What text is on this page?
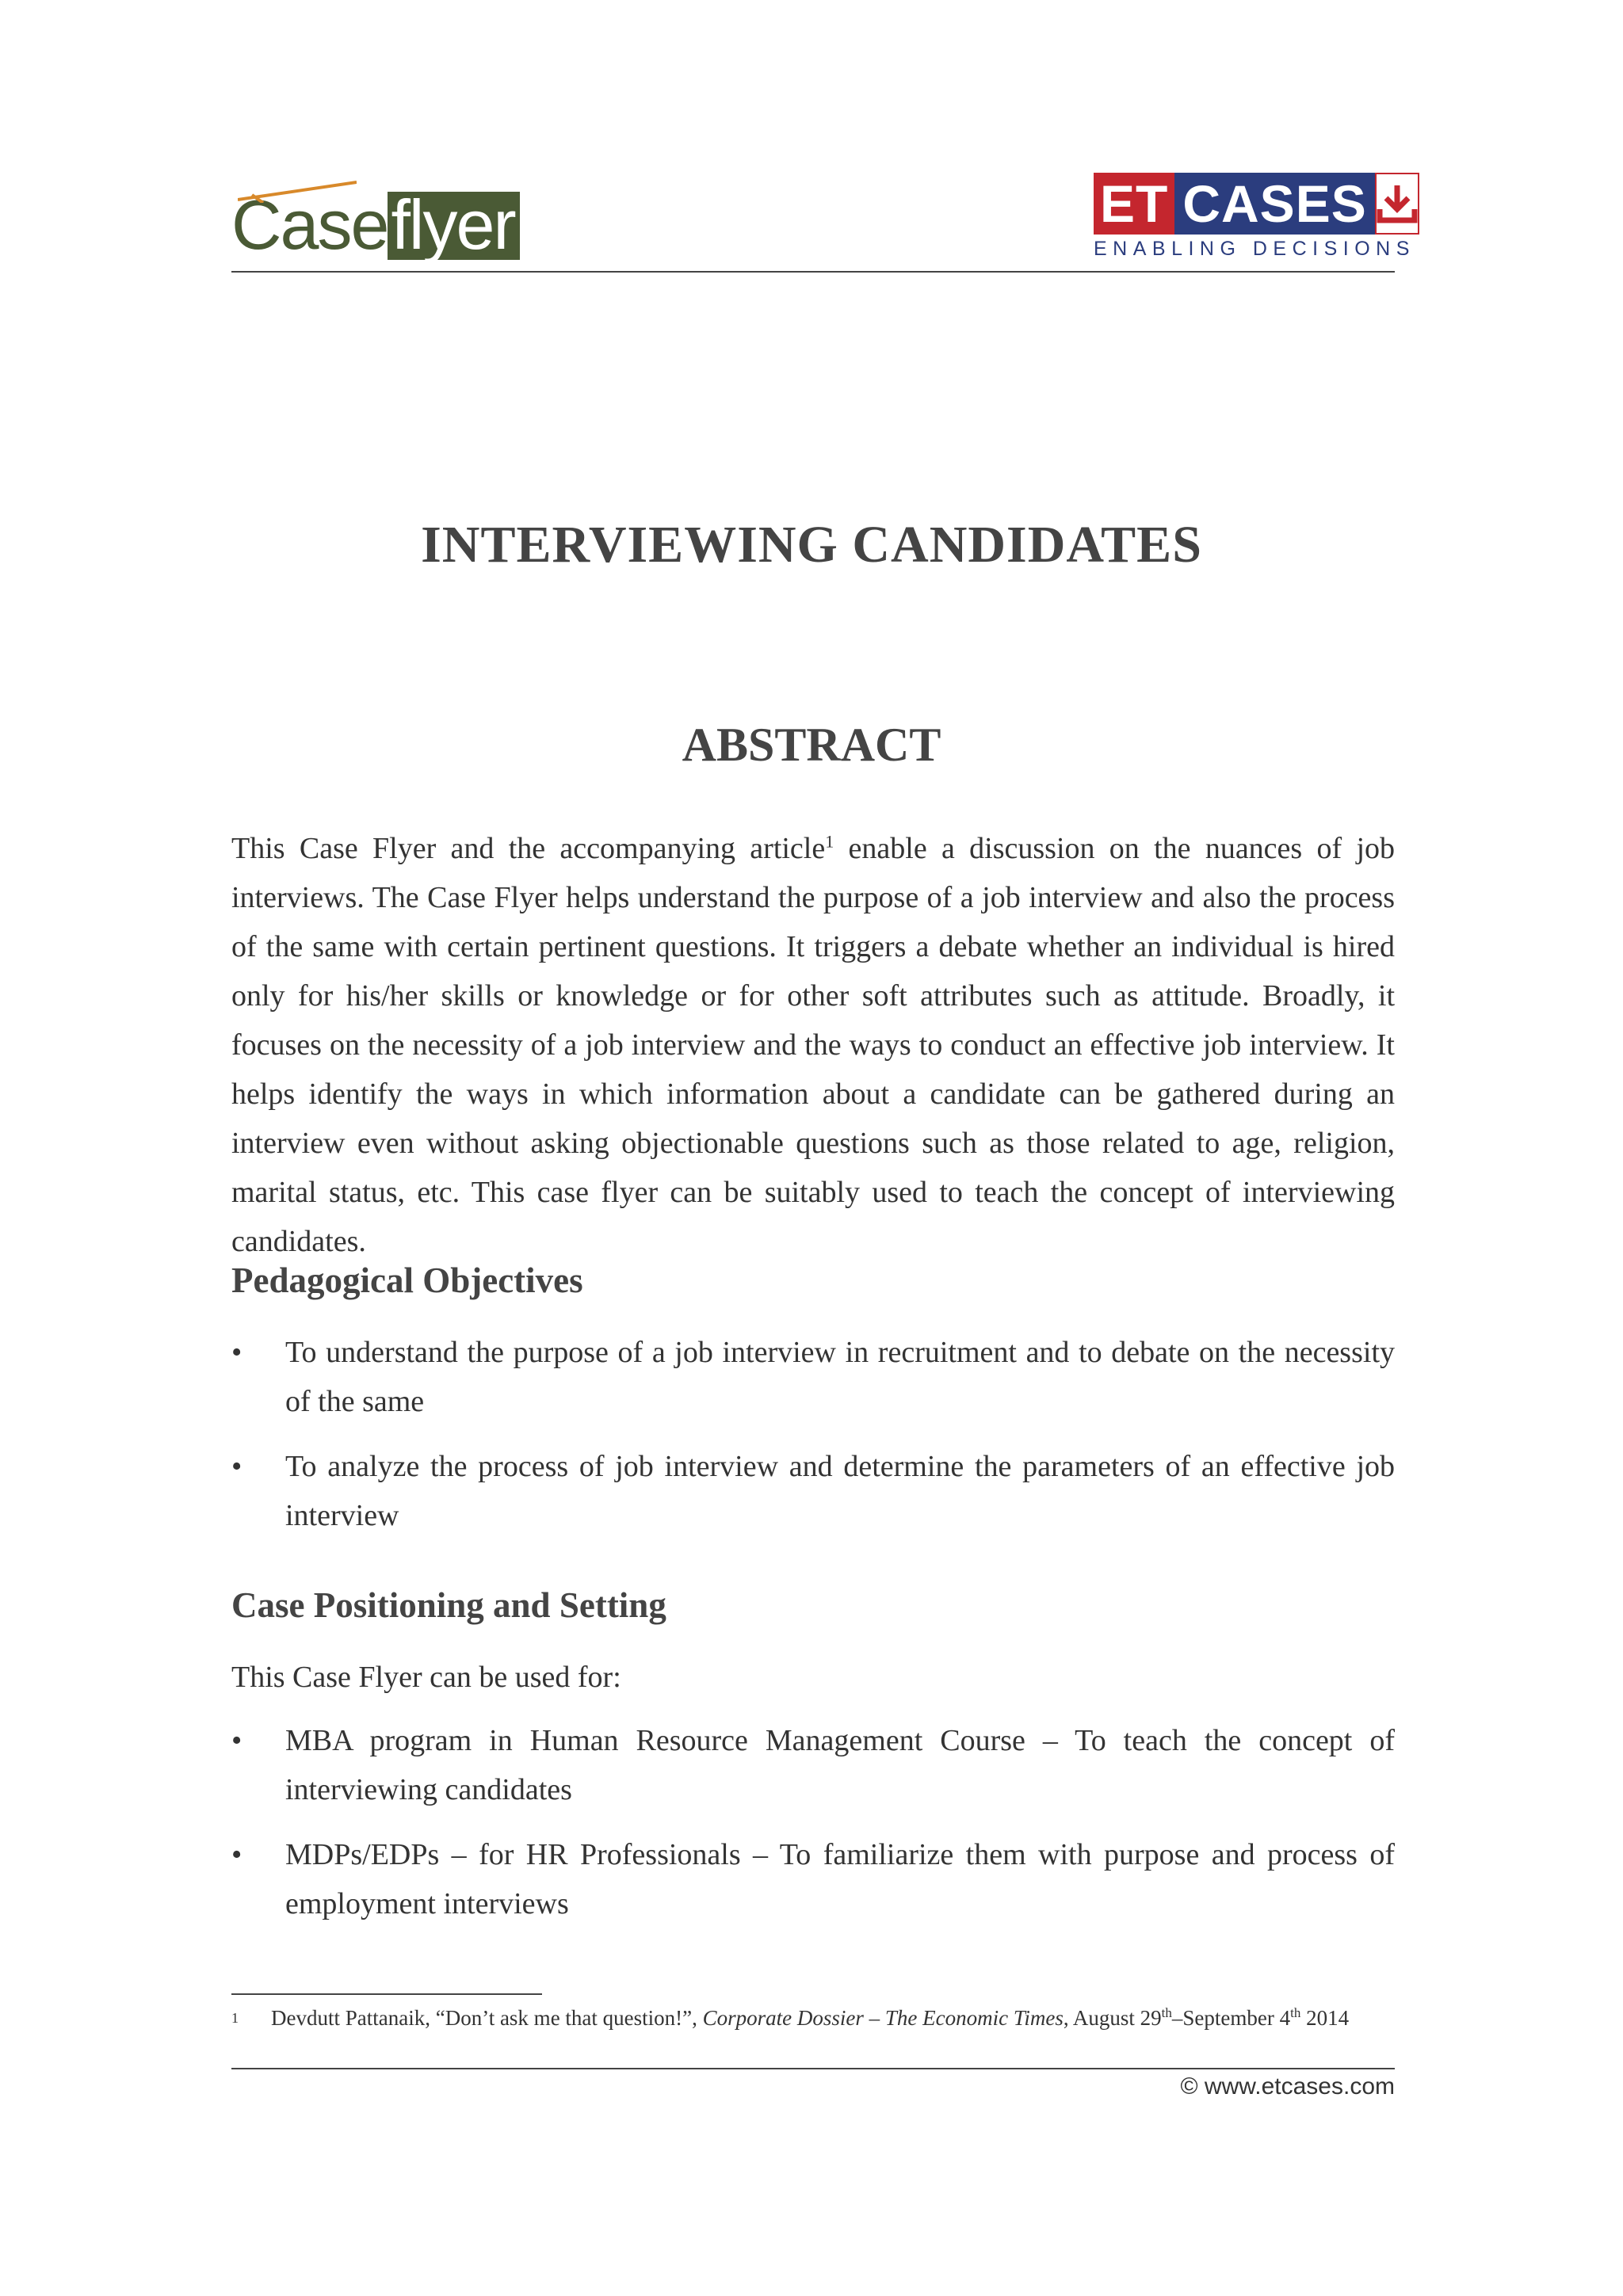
Case flyer	ET CASES
ENABLING DECISIONS
INTERVIEWING CANDIDATES
ABSTRACT
This Case Flyer and the accompanying article$^1$ enable a discussion on the nuances of job interviews. The Case Flyer helps understand the purpose of a job interview and also the process of the same with certain pertinent questions. It triggers a debate whether an individual is hired only for his/her skills or knowledge or for other soft attributes such as attitude. Broadly, it focuses on the necessity of a job interview and the ways to conduct an effective job interview. It helps identify the ways in which information about a candidate can be gathered during an interview even without asking objectionable questions such as those related to age, religion, marital status, etc. This case flyer can be suitably used to teach the concept of interviewing candidates.
Pedagogical Objectives
• To understand the purpose of a job interview in recruitment and to debate on the necessity of the same
• To analyze the process of job interview and determine the parameters of an effective job interview
Case Positioning and Setting
This Case Flyer can be used for:
• MBA program in Human Resource Management Course – To teach the concept of interviewing candidates
• MDPs/EDPs – for HR Professionals – To familiarize them with purpose and process of employment interviews
1	Devdutt Pattanaik, “Don’t ask me that question!”, Corporate Dossier – The Economic Times, August 29th–September 4th 2014
© www.etcases.com
